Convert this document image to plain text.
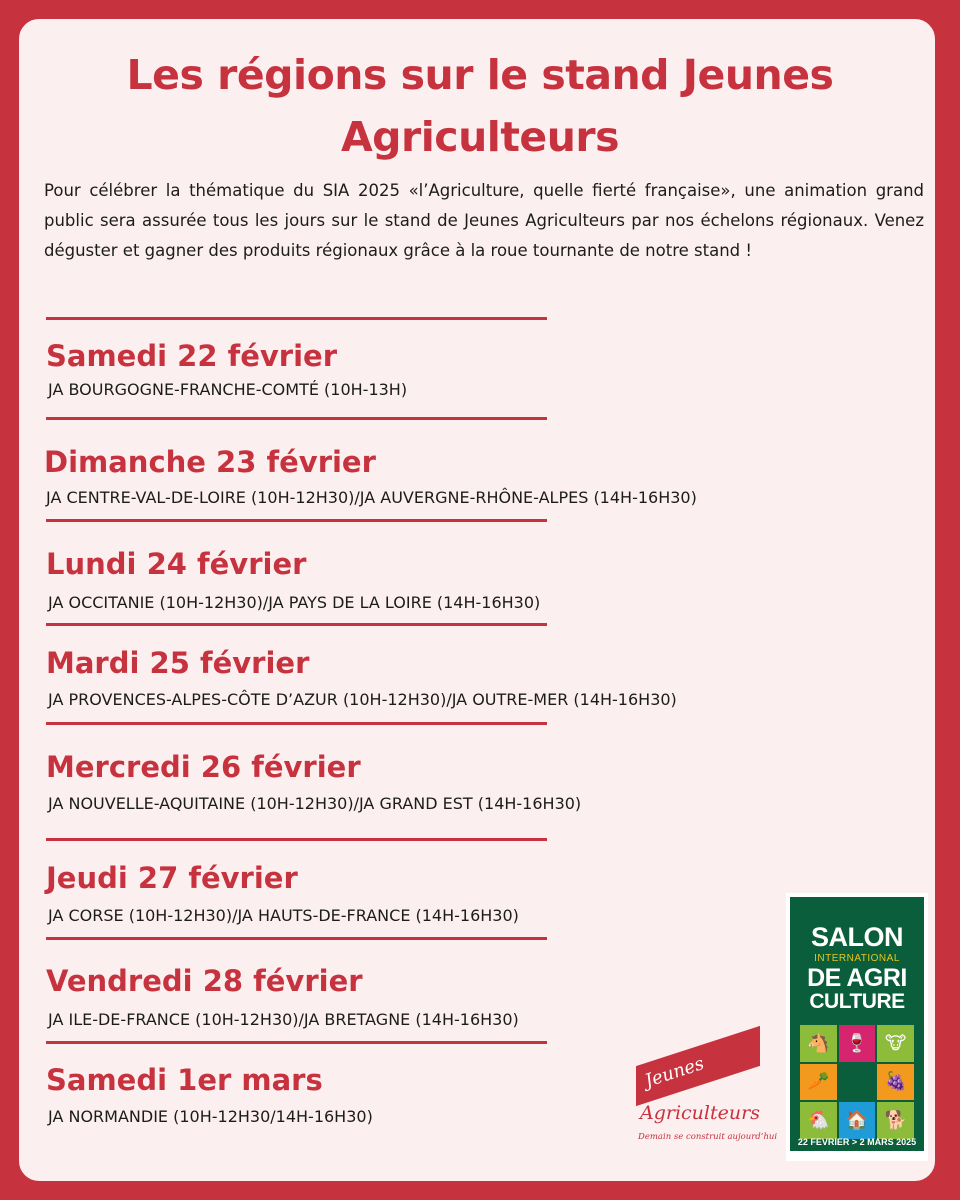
Les régions sur le stand Jeunes Agriculteurs

Pour célébrer la thématique du SIA 2025 «l’Agriculture, quelle fierté française», une animation grand public sera assurée tous les jours sur le stand de Jeunes Agriculteurs par nos échelons régionaux. Venez déguster et gagner des produits régionaux grâce à la roue tournante de notre stand !

Samedi 22 février

JA BOURGOGNE-FRANCHE-COMTÉ (10H-13H)

Dimanche 23 février

JA CENTRE-VAL-DE-LOIRE (10H-12H30)/JA AUVERGNE-RHÔNE-ALPES (14H-16H30)

Lundi 24 février

JA OCCITANIE (10H-12H30)/JA PAYS DE LA LOIRE (14H-16H30)

Mardi 25 février

JA PROVENCES-ALPES-CÔTE D’AZUR (10H-12H30)/JA OUTRE-MER (14H-16H30)

Mercredi 26 février

JA NOUVELLE-AQUITAINE (10H-12H30)/JA GRAND EST (14H-16H30)

Jeudi 27 février

JA CORSE (10H-12H30)/JA HAUTS-DE-FRANCE (14H-16H30)

Vendredi 28 février

JA ILE-DE-FRANCE (10H-12H30)/JA BRETAGNE (14H-16H30)

Samedi 1er mars

JA NORMANDIE (10H-12H30/14H-16H30)

Jeunes
Agriculteurs
Demain se construit aujourd’hui
SALON
INTERNATIONAL
DE AGRI
CULTURE
🐴 🍷 🐮
🥕	🍇
🐔 🏠 🐕
22 FEVRIER > 2 MARS 2025
